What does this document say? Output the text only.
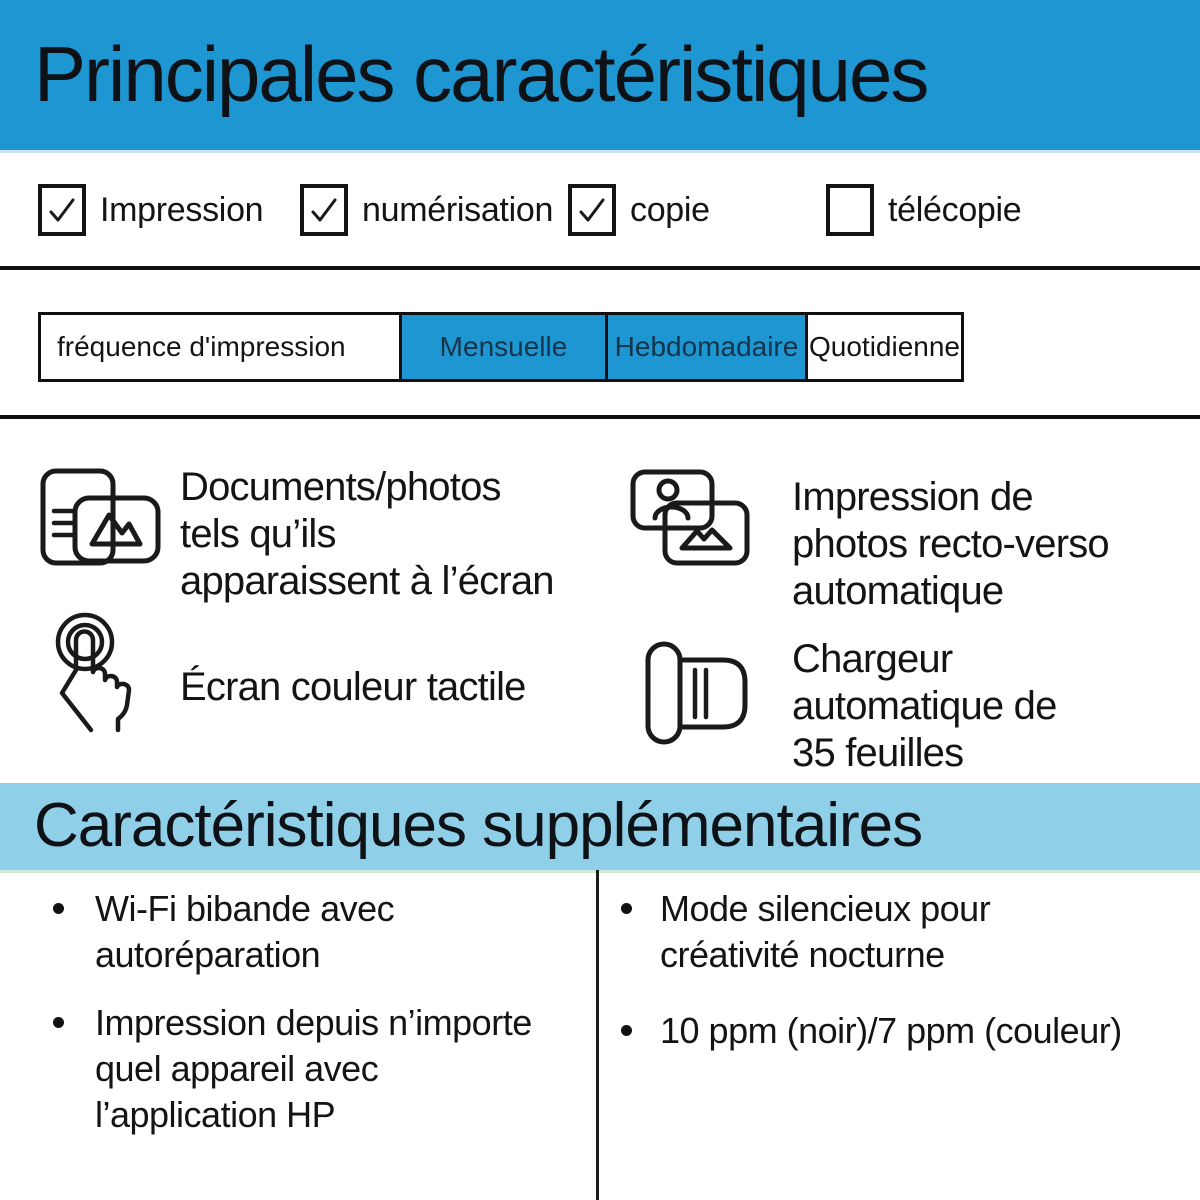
Principales caractéristiques
Impression	numérisation copie	télécopie
fréquence d'impression	Mensuelle	Hebdomadaire Quotidienne
Documents/photos
tels qu’ils
apparaissent à l’écran
Impression de
photos recto-verso
automatique
Écran couleur tactile
Chargeur
automatique de
35 feuilles
Caractéristiques supplémentaires
Wi-Fi bibande avec
autoréparation
Impression depuis n’importe
quel appareil avec
l’application HP
Mode silencieux pour
créativité nocturne
10 ppm (noir)/7 ppm (couleur)
